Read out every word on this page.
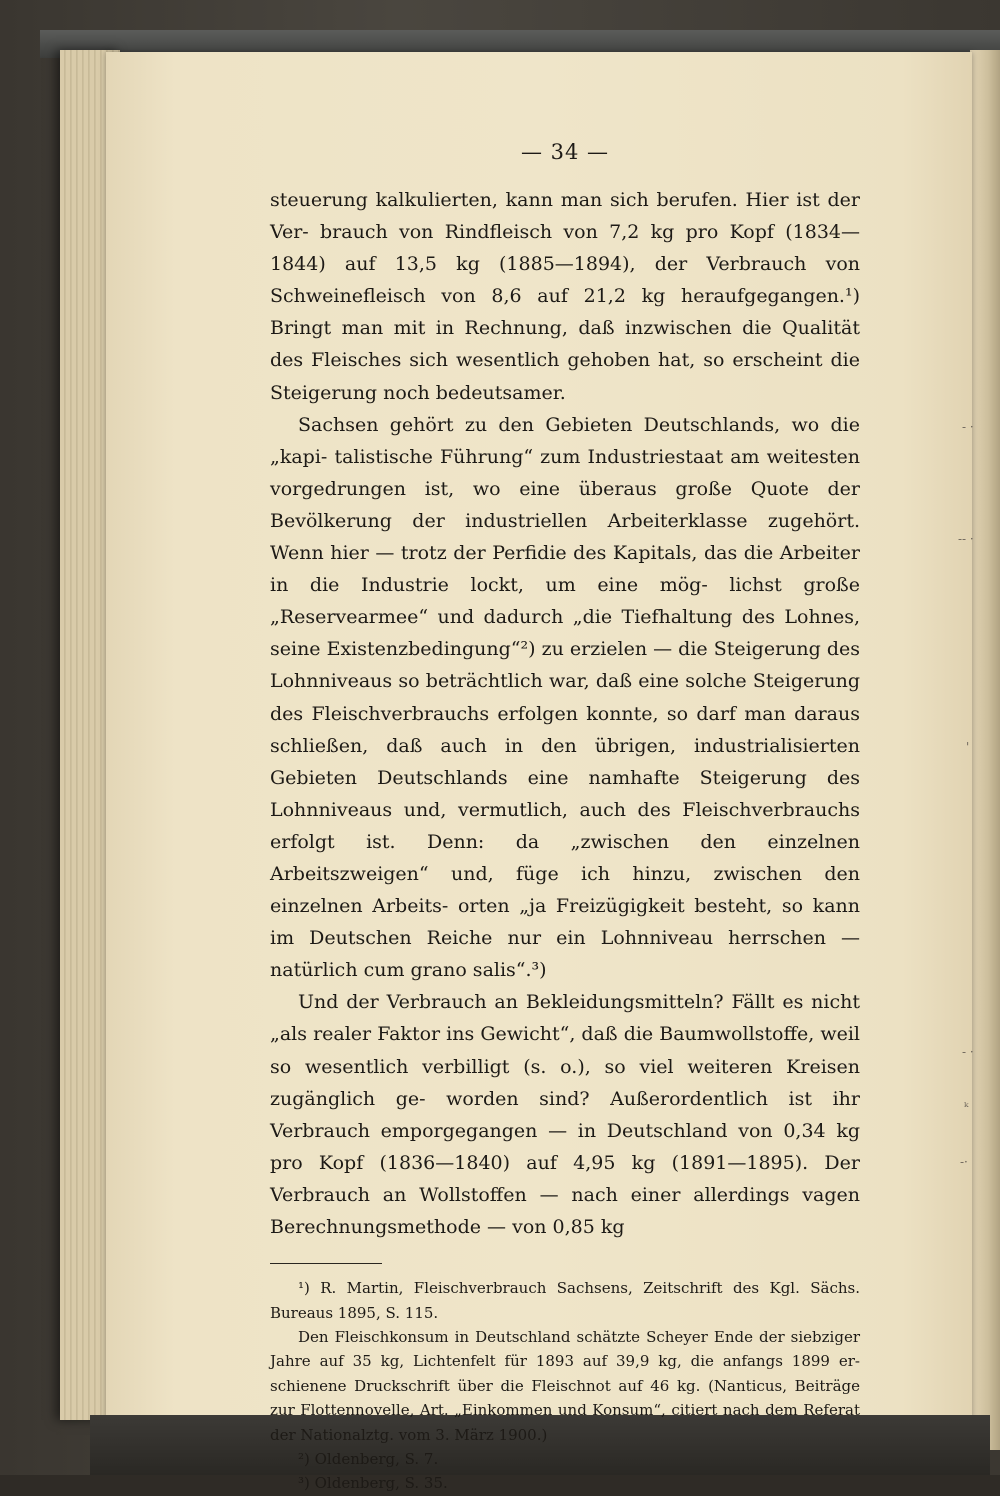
- ·
-- ·
'
- ·
ᵏ
-·
— 34 —

steuerung kalkulierten, kann man sich berufen. Hier ist der Ver- brauch von Rindfleisch von 7,2 kg pro Kopf (1834—1844) auf 13,5 kg (1885—1894), der Verbrauch von Schweinefleisch von 8,6 auf 21,2 kg heraufgegangen.¹) Bringt man mit in Rechnung, daß inzwischen die Qualität des Fleisches sich wesentlich gehoben hat, so erscheint die Steigerung noch bedeutsamer.

Sachsen gehört zu den Gebieten Deutschlands, wo die „kapi- talistische Führung“ zum Industriestaat am weitesten vorgedrungen ist, wo eine überaus große Quote der Bevölkerung der industriellen Arbeiterklasse zugehört. Wenn hier — trotz der Perfidie des Kapitals, das die Arbeiter in die Industrie lockt, um eine mög- lichst große „Reservearmee“ und dadurch „die Tiefhaltung des Lohnes, seine Existenzbedingung“²) zu erzielen — die Steigerung des Lohnniveaus so beträchtlich war, daß eine solche Steigerung des Fleischverbrauchs erfolgen konnte, so darf man daraus schließen, daß auch in den übrigen, industrialisierten Gebieten Deutschlands eine namhafte Steigerung des Lohnniveaus und, vermutlich, auch des Fleischverbrauchs erfolgt ist. Denn: da „zwischen den einzelnen Arbeitszweigen“ und, füge ich hinzu, zwischen den einzelnen Arbeits- orten „ja Freizügigkeit besteht, so kann im Deutschen Reiche nur ein Lohnniveau herrschen — natürlich cum grano salis“.³)

Und der Verbrauch an Bekleidungsmitteln? Fällt es nicht „als realer Faktor ins Gewicht“, daß die Baumwollstoffe, weil so wesentlich verbilligt (s. o.), so viel weiteren Kreisen zugänglich ge- worden sind? Außerordentlich ist ihr Verbrauch emporgegangen — in Deutschland von 0,34 kg pro Kopf (1836—1840) auf 4,95 kg (1891—1895). Der Verbrauch an Wollstoffen — nach einer allerdings vagen Berechnungsmethode — von 0,85 kg

¹) R. Martin, Fleischverbrauch Sachsens, Zeitschrift des Kgl. Sächs. Bureaus 1895, S. 115.

Den Fleischkonsum in Deutschland schätzte Scheyer Ende der siebziger Jahre auf 35 kg, Lichtenfelt für 1893 auf 39,9 kg, die anfangs 1899 er- schienene Druckschrift über die Fleischnot auf 46 kg. (Nanticus, Beiträge zur Flottennovelle, Art. „Einkommen und Konsum“, citiert nach dem Referat der Nationalztg. vom 3. März 1900.)

²) Oldenberg, S. 7.

³) Oldenberg, S. 35.
